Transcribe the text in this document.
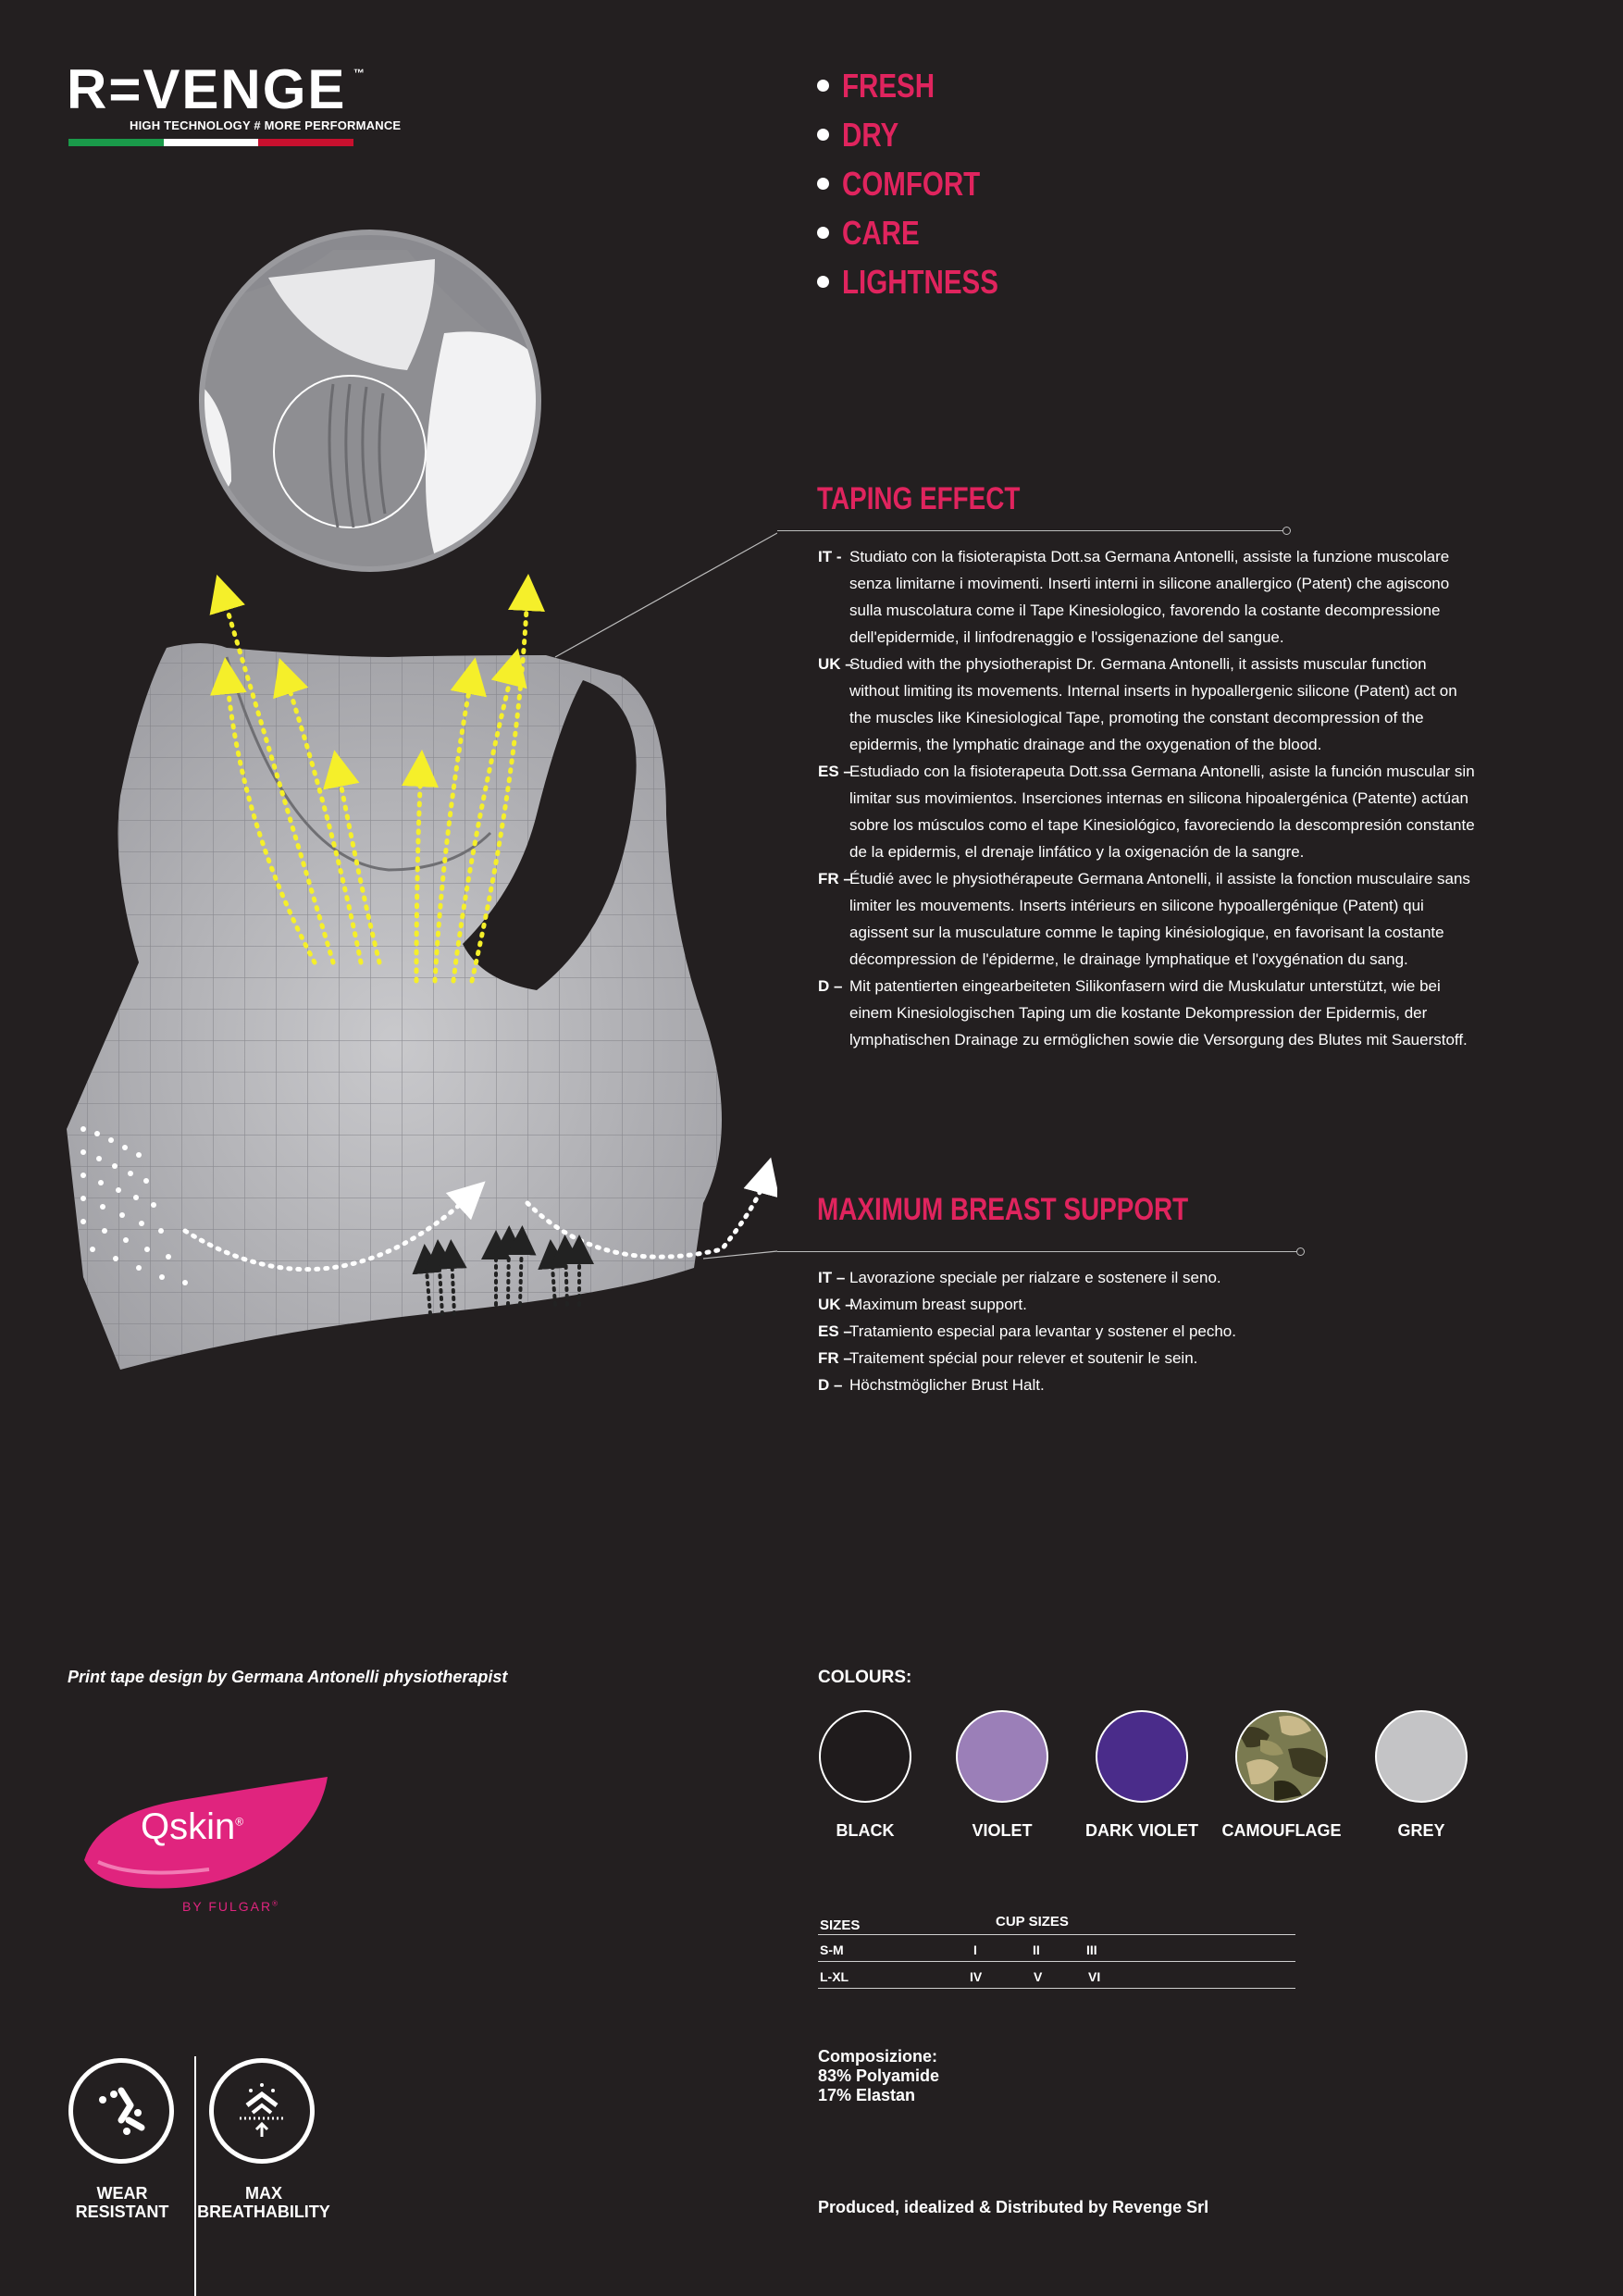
R=VENGE ™
HIGH TECHNOLOGY # MORE PERFORMANCE
FRESH
DRY
COMFORT
CARE
LIGHTNESS
TAPING EFFECT

IT - Studiato con la fisioterapista Dott.sa Germana Antonelli, assiste la funzione muscolare senza limitarne i movimenti. Inserti interni in silicone anallergico (Patent) che agiscono sulla muscolatura come il Tape Kinesiologico, favorendo la costante decompressione dell'epidermide, il linfodrenaggio e l'ossigenazione del sangue.

UK –
Studied with the physiotherapist Dr. Germana Antonelli, it assists muscular function without limiting its movements. Internal inserts in hypoallergenic silicone (Patent) act on the muscles like Kinesiological Tape, promoting the constant decompression of the epidermis, the lymphatic drainage and the oxygenation of the blood.

ES –
Estudiado con la fisioterapeuta Dott.ssa Germana Antonelli, asiste la función muscular sin limitar sus movimientos. Inserciones internas en silicona hipoalergénica (Patente) actúan sobre los músculos como el tape Kinesiológico, favoreciendo la descompresión constante de la epidermis, el drenaje linfático y la oxigenación de la sangre.

FR –
Étudié avec le physiothérapeute Germana Antonelli, il assiste la fonction musculaire sans limiter les mouvements. Inserts intérieurs en silicone hypoallergénique (Patent) qui agissent sur la musculature comme le taping kinésiologique, en favorisant la costante décompression de l'épiderme, le drainage lymphatique et l'oxygénation du sang.

D – Mit patentierten eingearbeiteten Silikonfasern wird die Muskulatur unterstützt, wie bei einem Kinesiologischen Taping um die kostante Dekompression der Epidermis, der lymphatischen Drainage zu ermöglichen sowie die Versorgung des Blutes mit Sauerstoff.

MAXIMUM BREAST SUPPORT

IT – Lavorazione speciale per rialzare e sostenere il seno.

UK –
Maximum breast support.

ES –
Tratamiento especial para levantar y sostener el pecho.

FR –
Traitement spécial pour relever et soutenir le sein.

D – Höchstmöglicher Brust Halt.

Print tape design by Germana Antonelli physiotherapist
Qskin®
BY FULGAR®
WEAR
RESISTANT
MAX
BREATHABILITY
COLOURS:
BLACK	VIOLET	DARK VIOLET	CAMOUFLAGE	GREY
SIZES	CUP SIZES
S-M	I	II	III
L-XL	IV	V	VI
Composizione:
83% Polyamide
17% Elastan
Produced, idealized & Distributed by Revenge Srl
